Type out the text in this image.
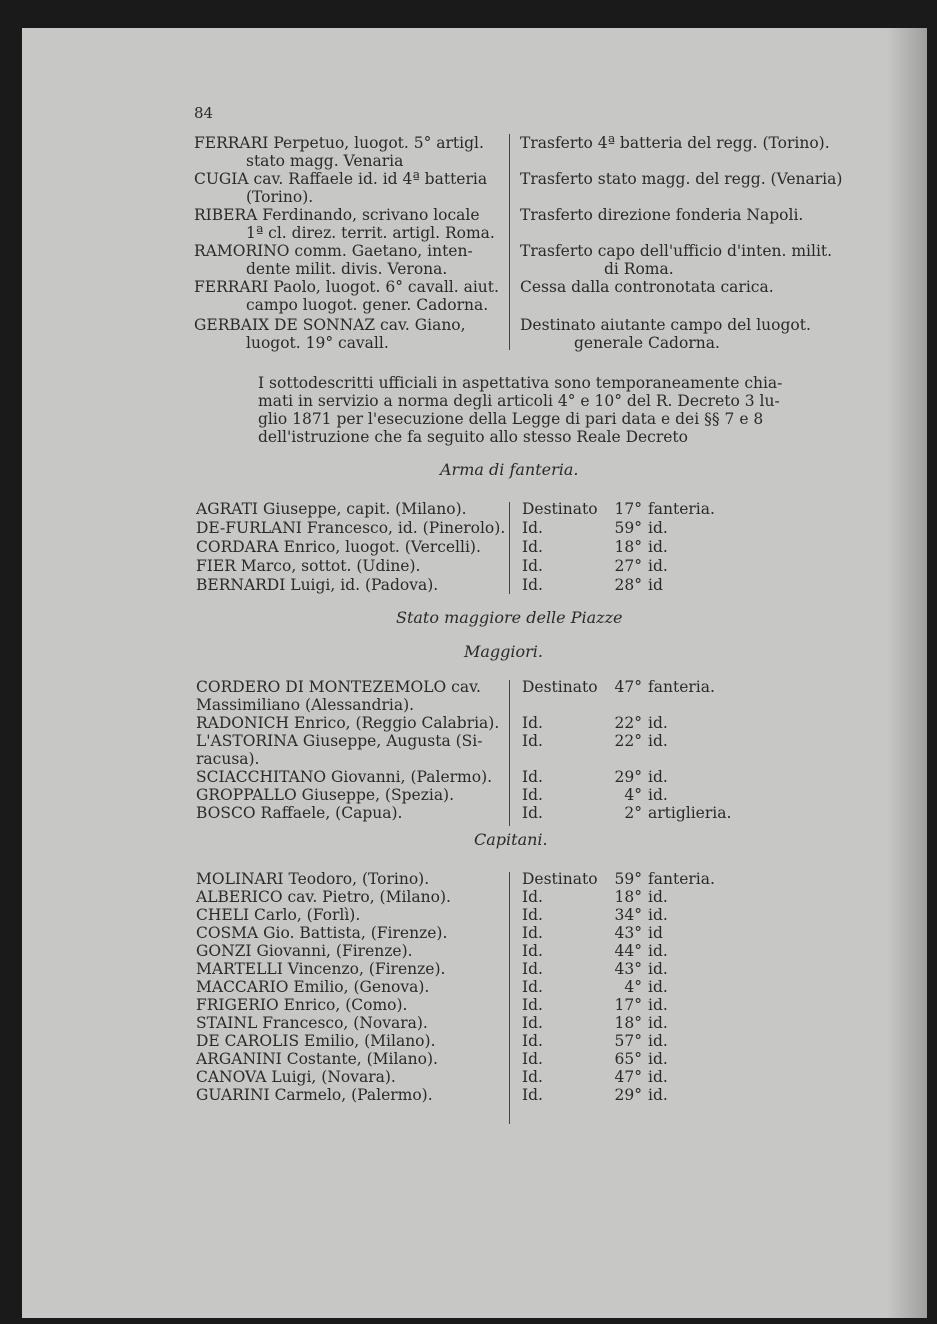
84
FERRARI Perpetuo, luogot. 5° artigl.
stato magg. Venaria
Trasferto 4ª batteria del regg. (Torino).
CUGIA cav. Raffaele id. id 4ª batteria
(Torino).
Trasferto stato magg. del regg. (Venaria)
RIBERA Ferdinando, scrivano locale
1ª cl. direz. territ. artigl. Roma.
Trasferto direzione fonderia Napoli.
RAMORINO comm. Gaetano, inten-
dente milit. divis. Verona.
Trasferto capo dell'ufficio d'inten. milit.
di Roma.
FERRARI Paolo, luogot. 6° cavall. aiut.
campo luogot. gener. Cadorna.
Cessa dalla contronotata carica.
GERBAIX DE SONNAZ cav. Giano,
luogot. 19° cavall.
Destinato aiutante campo del luogot.
generale Cadorna.
I sottodescritti ufficiali in aspettativa sono temporaneamente chia-
mati in servizio a norma degli articoli 4° e 10° del R. Decreto 3 lu-
glio 1871 per l'esecuzione della Legge di pari data e dei §§ 7 e 8
dell'istruzione che fa seguito allo stesso Reale Decreto
Arma di fanteria.
AGRATI Giuseppe, capit. (Milano).	Destinato	17° fanteria.
DE-FURLANI Francesco, id. (Pinerolo). Id.	59° id.
CORDARA Enrico, luogot. (Vercelli).	Id.	18° id.
FIER Marco, sottot. (Udine).	Id.	27° id.
BERNARDI Luigi, id. (Padova).	Id.	28° id
Stato maggiore delle Piazze
Maggiori.
CORDERO DI MONTEZEMOLO cav.	Destinato	47° fanteria.
Massimiliano (Alessandria).
RADONICH Enrico, (Reggio Calabria). Id.	22° id.
L'ASTORINA Giuseppe, Augusta (Si-	Id.	22° id.
racusa).
SCIACCHITANO Giovanni, (Palermo). Id.	29° id.
GROPPALLO Giuseppe, (Spezia).	Id.	4° id.
BOSCO Raffaele, (Capua).	Id.	2° artiglieria.
Capitani.
MOLINARI Teodoro, (Torino).	Destinato	59° fanteria.
ALBERICO cav. Pietro, (Milano).	Id.	18° id.
CHELI Carlo, (Forlì).	Id.	34° id.
COSMA Gio. Battista, (Firenze).	Id.	43° id
GONZI Giovanni, (Firenze).	Id.	44° id.
MARTELLI Vincenzo, (Firenze).	Id.	43° id.
MACCARIO Emilio, (Genova).	Id.	4° id.
FRIGERIO Enrico, (Como).	Id.	17° id.
STAINL Francesco, (Novara).	Id.	18° id.
DE CAROLIS Emilio, (Milano).	Id.	57° id.
ARGANINI Costante, (Milano).	Id.	65° id.
CANOVA Luigi, (Novara).	Id.	47° id.
GUARINI Carmelo, (Palermo).	Id.	29° id.
